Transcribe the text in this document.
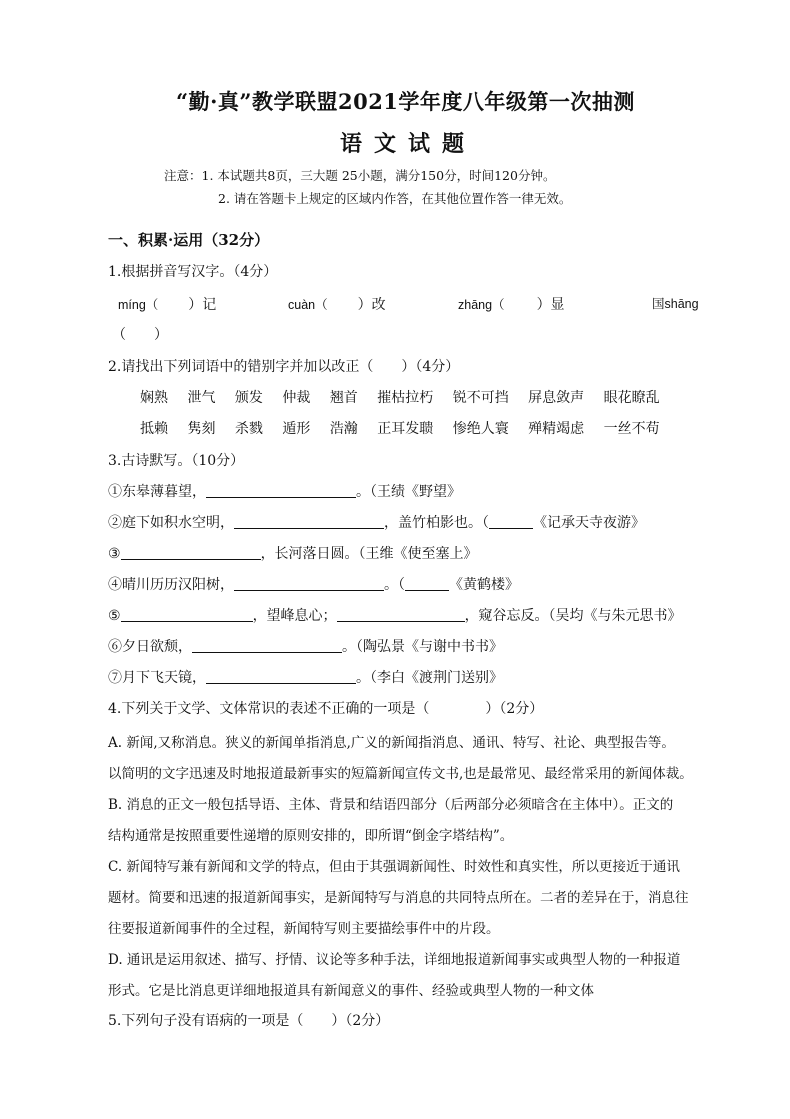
“勤·真”教学联盟2021学年度八年级第一次抽测
语文试题
注意：1. 本试题共8页，三大题 25小题，满分150分，时间120分钟。
2. 请在答题卡上规定的区域内作答，在其他位置作答一律无效。
一、积累·运用（32分）
1.根据拼音写汉字。（4分）
míng（ ）记	cuàn（ ）改	zhāng（ ）显	国shāng
（　　）
2.请找出下列词语中的错别字并加以改正（　　）（4分）
娴熟 泄气 颁发 仲裁 翘首 摧枯拉朽 锐不可挡 屏息敛声 眼花瞭乱
抵赖 隽刻 杀戮 遁形 浩瀚 正耳发聩 惨绝人寰 殚精竭虑 一丝不苟
3.古诗默写。（10分）
①东皋薄暮望，	。（王绩《野望》
②庭下如积水空明，	，盖竹柏影也。（	《记承天寺夜游》
③	，长河落日圆。（王维《使至塞上》
④晴川历历汉阳树，	。（	《黄鹤楼》
⑤	，望峰息心；	，窥谷忘反。（吴均《与朱元思书》
⑥夕日欲颓，	。（陶弘景《与谢中书书》
⑦月下飞天镜，	。（李白《渡荆门送别》
4.下列关于文学、文体常识的表述不正确的一项是（　　　　）（2分）
A. 新闻,又称消息。狭义的新闻单指消息,广义的新闻指消息、通讯、特写、社论、典型报告等。
以简明的文字迅速及时地报道最新事实的短篇新闻宣传文书,也是最常见、最经常采用的新闻体裁。
B. 消息的正文一般包括导语、主体、背景和结语四部分（后两部分必须暗含在主体中）。正文的
结构通常是按照重要性递增的原则安排的，即所谓“倒金字塔结构”。
C. 新闻特写兼有新闻和文学的特点，但由于其强调新闻性、时效性和真实性，所以更接近于通讯
题材。简要和迅速的报道新闻事实，是新闻特写与消息的共同特点所在。二者的差异在于，消息往
往要报道新闻事件的全过程，新闻特写则主要描绘事件中的片段。
D. 通讯是运用叙述、描写、抒情、议论等多种手法，详细地报道新闻事实或典型人物的一种报道
形式。它是比消息更详细地报道具有新闻意义的事件、经验或典型人物的一种文体
5.下列句子没有语病的一项是（　　）（2分）
